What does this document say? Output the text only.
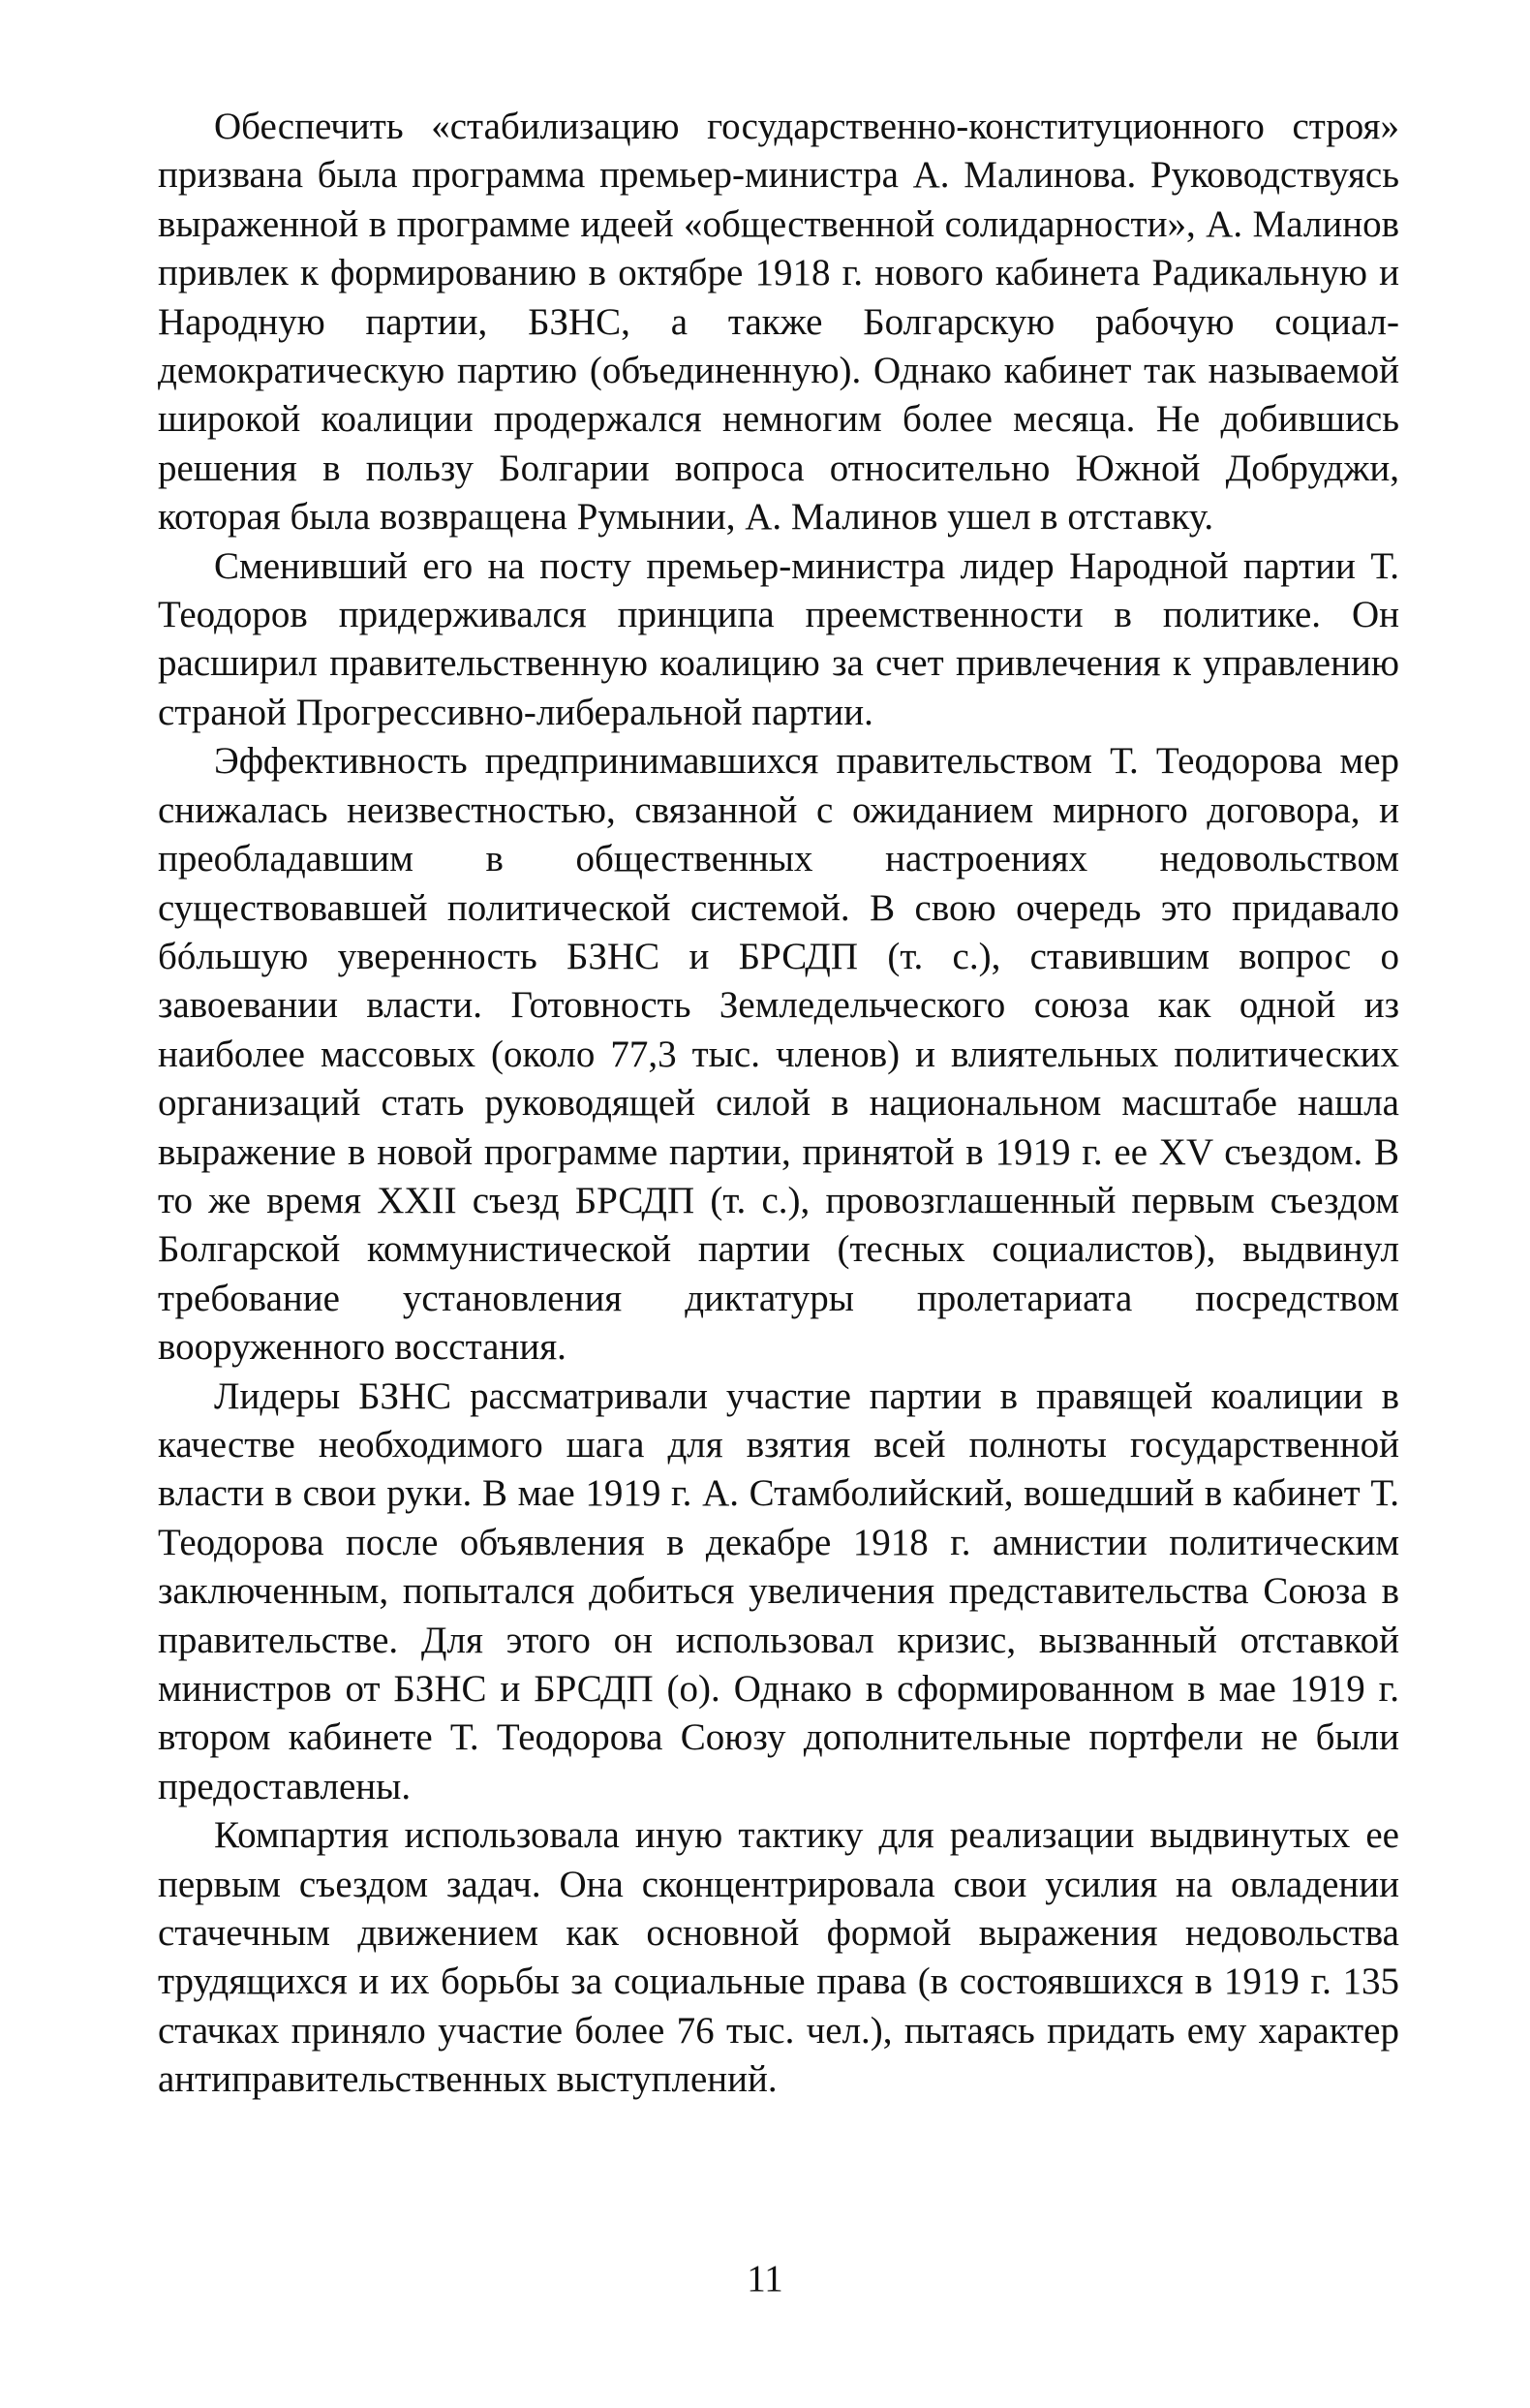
Обеспечить «стабилизацию государственно-конституционного строя» призвана была программа премьер-министра А. Малинова. Руководствуясь выраженной в программе идеей «общественной солидарности», А. Малинов привлек к формированию в октябре 1918 г. нового кабинета Радикальную и Народную партии, БЗНС, а также Болгарскую рабочую социал-демократическую партию (объединенную). Однако кабинет так называемой широкой коалиции продержался немногим более месяца. Не добившись решения в пользу Болгарии вопроса относительно Южной Добруджи, которая была возвращена Румынии, А. Малинов ушел в отставку.

Сменивший его на посту премьер-министра лидер Народной партии Т. Теодоров придерживался принципа преемственности в политике. Он расширил правительственную коалицию за счет привлечения к управлению страной Прогрессивно-либеральной партии.

Эффективность предпринимавшихся правительством Т. Теодорова мер снижалась неизвестностью, связанной с ожиданием мирного договора, и преобладавшим в общественных настроениях недовольством существовавшей политической системой. В свою очередь это придавало бóльшую уверенность БЗНС и БРСДП (т. с.), ставившим вопрос о завоевании власти. Готовность Земледельческого союза как одной из наиболее массовых (около 77,3 тыс. членов) и влиятельных политических организаций стать руководящей силой в национальном масштабе нашла выражение в новой программе партии, принятой в 1919 г. ее XV съездом. В то же время XXII съезд БРСДП (т. с.), провозглашенный первым съездом Болгарской коммунистической партии (тесных социалистов), выдвинул требование установления диктатуры пролетариата посредством вооруженного восстания.

Лидеры БЗНС рассматривали участие партии в правящей коалиции в качестве необходимого шага для взятия всей полноты государственной власти в свои руки. В мае 1919 г. А. Стамболийский, вошедший в кабинет Т. Теодорова после объявления в декабре 1918 г. амнистии политическим заключенным, попытался добиться увеличения представительства Союза в правительстве. Для этого он использовал кризис, вызванный отставкой министров от БЗНС и БРСДП (о). Однако в сформированном в мае 1919 г. втором кабинете Т. Теодорова Союзу дополнительные портфели не были предоставлены.

Компартия использовала иную тактику для реализации выдвинутых ее первым съездом задач. Она сконцентрировала свои усилия на овладении стачечным движением как основной формой выражения недовольства трудящихся и их борьбы за социальные права (в состоявшихся в 1919 г. 135 стачках приняло участие более 76 тыс. чел.), пытаясь придать ему характер антиправительственных выступлений.

11
